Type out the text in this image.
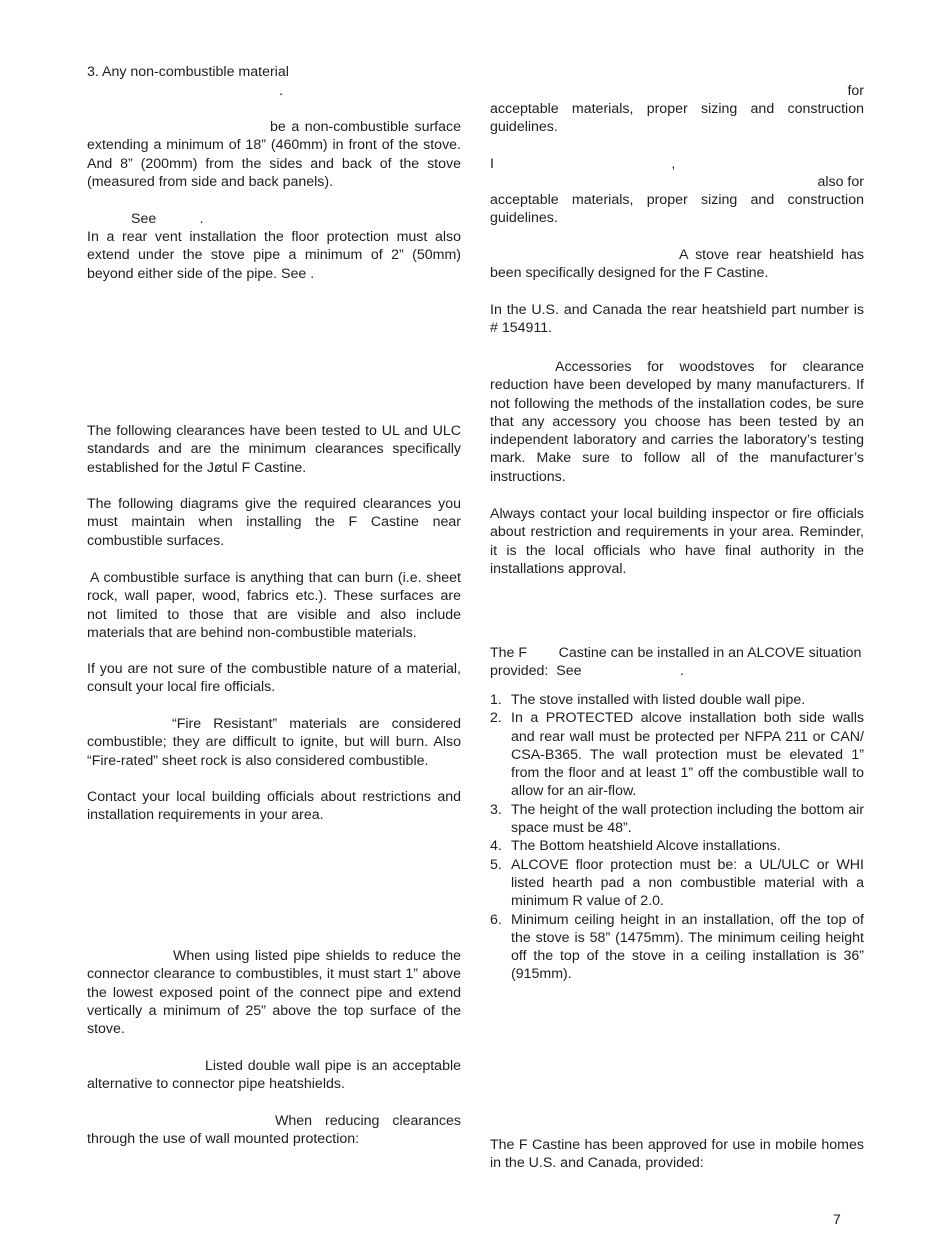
3. Any non-combustible material
.

be a non-combustible surface extending a minimum of 18” (460mm) in front of the stove. And 8” (200mm) from the sides and back of the stove (measured from side and back panels).

See           .

In a rear vent installation the floor protection must also extend under the stove pipe a minimum of 2” (50mm) beyond either side of the pipe. See .

The following clearances have been tested to UL and ULC standards and are the minimum clearances specifically established for the Jøtul F Castine.

The following diagrams give the required clearances you must maintain when installing the F Castine near combustible surfaces.

A combustible surface is anything that can burn (i.e. sheet rock, wall paper, wood, fabrics etc.). These surfaces are not limited to those that are visible and also include materials that are behind non-combustible materials.

If you are not sure of the combustible nature of a material, consult your local fire officials.

“Fire Resistant” materials are considered combustible; they are difficult to ignite, but will burn. Also “Fire-rated” sheet rock is also considered combustible.

Contact your local building officials about restrictions and installation requirements in your area.

When using listed pipe shields to reduce the connector clearance to combustibles, it must start 1” above the lowest exposed point of the connect pipe and extend vertically a minimum of 25” above the top surface of the stove.

Listed double wall pipe is an acceptable alternative to connector pipe heatshields.

When reducing clearances through the use of wall mounted protection:

for

acceptable materials, proper sizing and construction guidelines.

I                                             ,
also for

acceptable materials, proper sizing and construction guidelines.

A stove rear heatshield has been specifically designed for the F Castine.

In the U.S. and Canada the rear heatshield part number is # 154911.

Accessories for woodstoves for clearance reduction have been developed by many manufacturers. If not following the methods of the installation codes, be sure that any accessory you choose has been tested by an independent laboratory and carries the laboratory’s testing mark. Make sure to follow all of the manufacturer’s instructions.

Always contact your local building inspector or fire officials about restriction and requirements in your area. Reminder, it is the local officials who have final authority in the installations approval.

The F        Castine can be installed in an ALCOVE situation provided:  See                         .

1. The stove installed with listed double wall pipe.
2. In a PROTECTED alcove installation both side walls and rear wall must be protected per NFPA 211 or CAN/ CSA-B365. The wall protection must be elevated 1” from the floor and at least 1” off the combustible wall to allow for an air-flow.
3. The height of the wall protection including the bottom air space must be 48”.
4. The Bottom heatshield Alcove installations.
5. ALCOVE floor protection must be: a UL/ULC or WHI listed hearth pad a non combustible material with a minimum R value of 2.0.
6. Minimum ceiling height in an installation, off the top of the stove is 58” (1475mm). The minimum ceiling height off the top of the stove in a ceiling installation is 36” (915mm).

The F Castine has been approved for use in mobile homes in the U.S. and Canada, provided:

7
